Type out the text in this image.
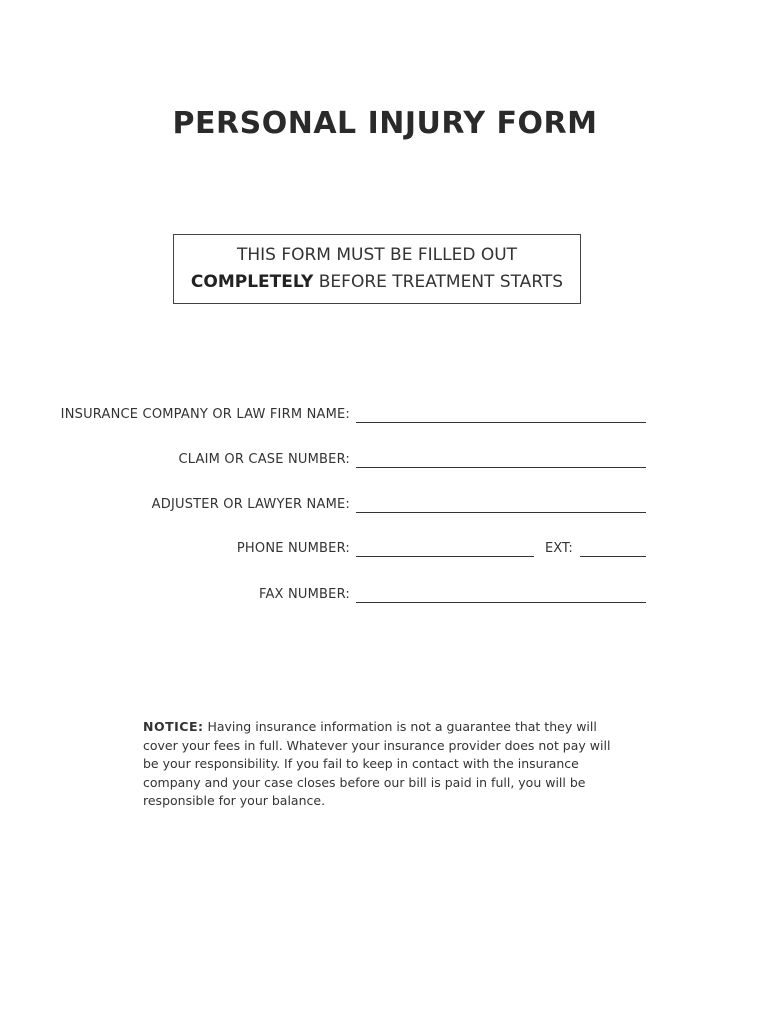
PERSONAL INJURY FORM
THIS FORM MUST BE FILLED OUT
COMPLETELY BEFORE TREATMENT STARTS
INSURANCE COMPANY OR LAW FIRM NAME:
CLAIM OR CASE NUMBER:
ADJUSTER OR LAWYER NAME:
PHONE NUMBER:	EXT:
FAX NUMBER:
NOTICE: Having insurance information is not a guarantee that they will cover your fees in full. Whatever your insurance provider does not pay will be your responsibility. If you fail to keep in contact with the insurance company and your case closes before our bill is paid in full, you will be responsible for your balance.
